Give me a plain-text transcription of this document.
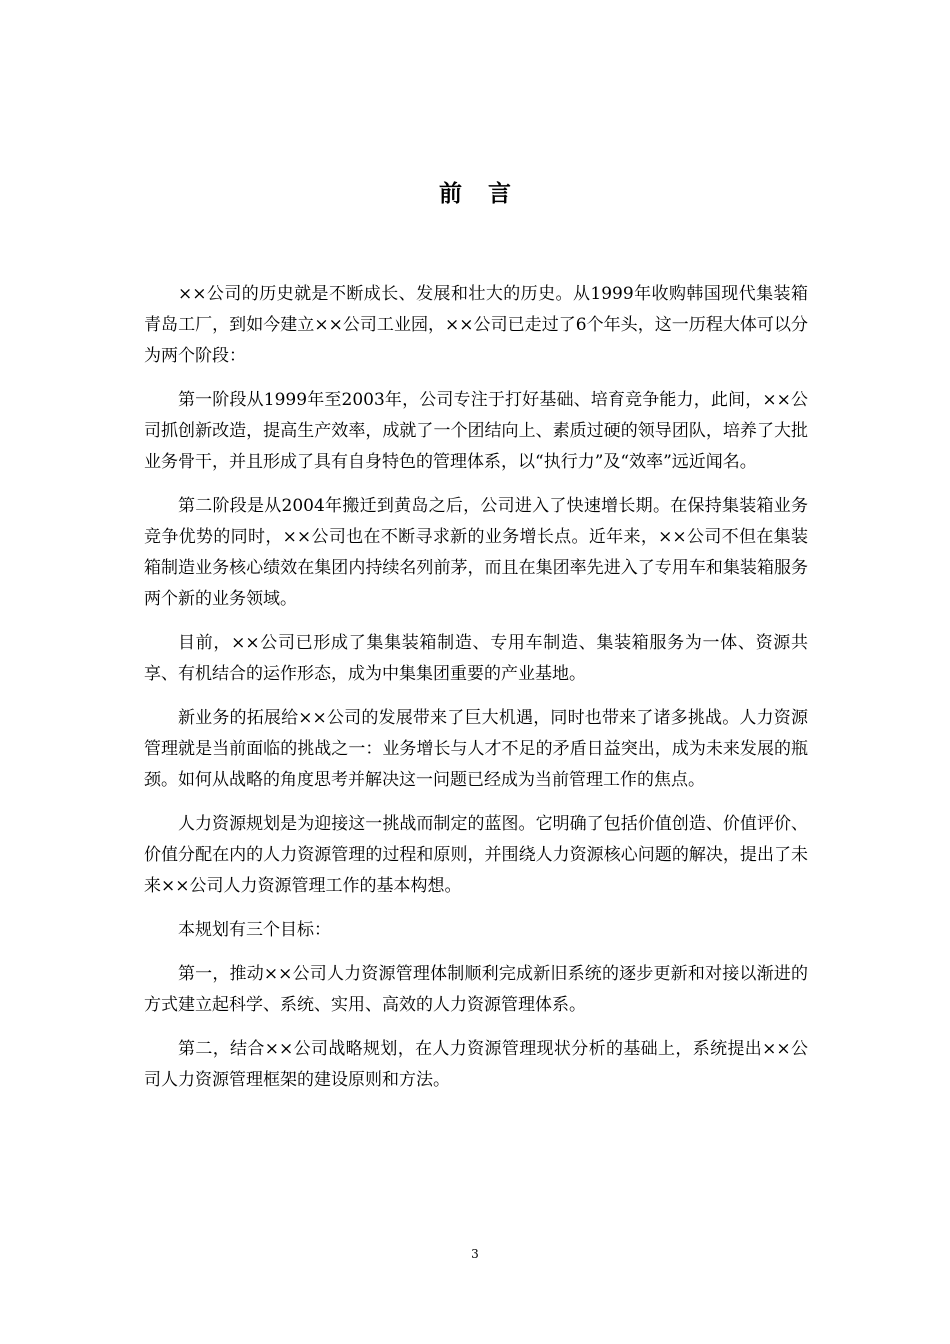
前言

××公司的历史就是不断成长、发展和壮大的历史。从1999年收购韩国现代集装箱青岛工厂，到如今建立××公司工业园，××公司已走过了6个年头，这一历程大体可以分为两个阶段：

第一阶段从1999年至2003年，公司专注于打好基础、培育竞争能力，此间，××公司抓创新改造，提高生产效率，成就了一个团结向上、素质过硬的领导团队，培养了大批业务骨干，并且形成了具有自身特色的管理体系，以“执行力”及“效率”远近闻名。

第二阶段是从2004年搬迁到黄岛之后，公司进入了快速增长期。在保持集装箱业务竞争优势的同时，××公司也在不断寻求新的业务增长点。近年来，××公司不但在集装箱制造业务核心绩效在集团内持续名列前茅，而且在集团率先进入了专用车和集装箱服务两个新的业务领域。

目前，××公司已形成了集集装箱制造、专用车制造、集装箱服务为一体、资源共享、有机结合的运作形态，成为中集集团重要的产业基地。

新业务的拓展给××公司的发展带来了巨大机遇，同时也带来了诸多挑战。人力资源管理就是当前面临的挑战之一：业务增长与人才不足的矛盾日益突出，成为未来发展的瓶颈。如何从战略的角度思考并解决这一问题已经成为当前管理工作的焦点。

人力资源规划是为迎接这一挑战而制定的蓝图。它明确了包括价值创造、价值评价、价值分配在内的人力资源管理的过程和原则，并围绕人力资源核心问题的解决，提出了未来××公司人力资源管理工作的基本构想。

本规划有三个目标：

第一，推动××公司人力资源管理体制顺利完成新旧系统的逐步更新和对接以渐进的方式建立起科学、系统、实用、高效的人力资源管理体系。

第二，结合××公司战略规划，在人力资源管理现状分析的基础上，系统提出××公司人力资源管理框架的建设原则和方法。

3
